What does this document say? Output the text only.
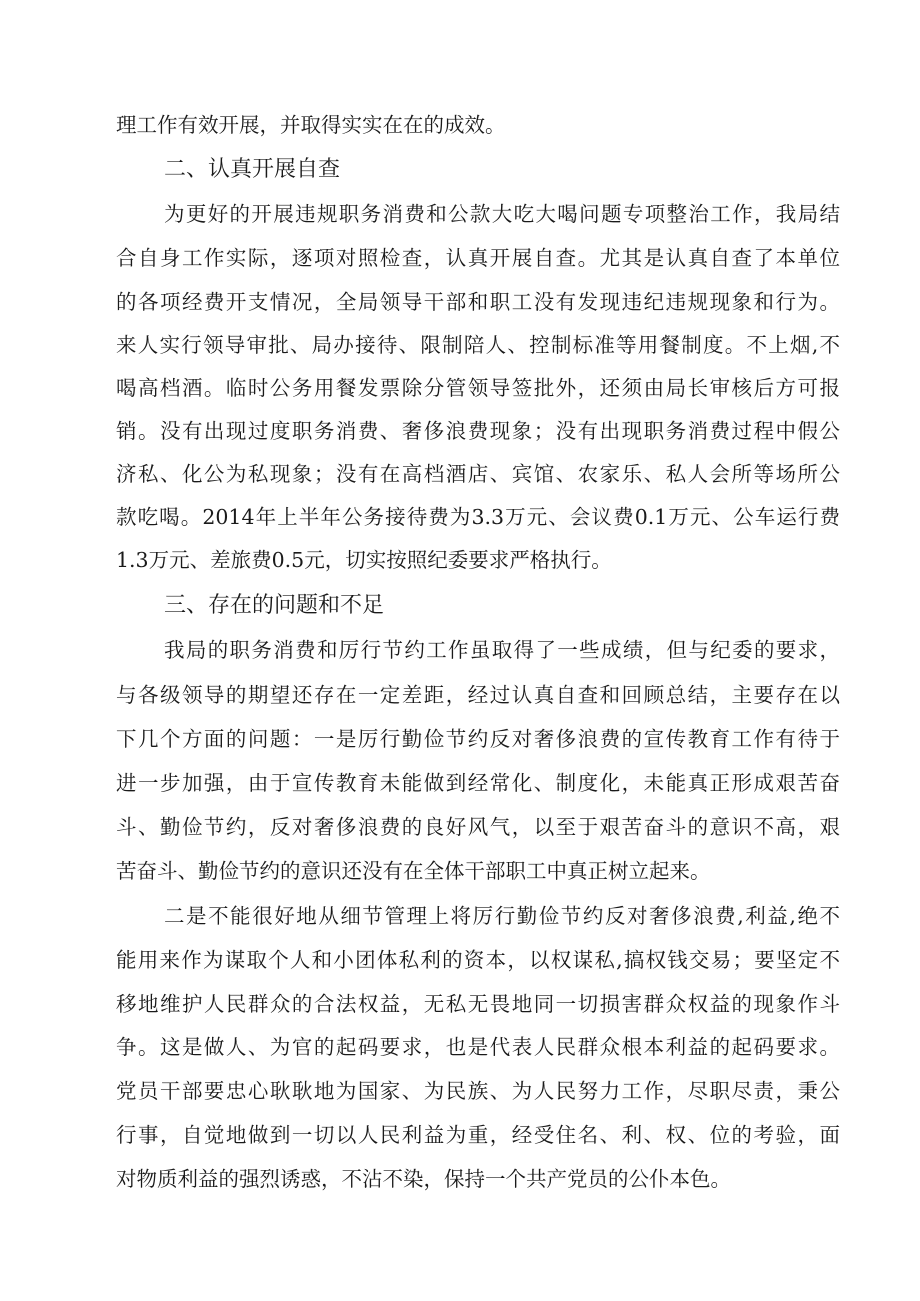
理工作有效开展，并取得实实在在的成效。
二、认真开展自查
为更好的开展违规职务消费和公款大吃大喝问题专项整治工作，我局结
合自身工作实际，逐项对照检查，认真开展自查。尤其是认真自查了本单位
的各项经费开支情况，全局领导干部和职工没有发现违纪违规现象和行为。
来人实行领导审批、局办接待、限制陪人、控制标准等用餐制度。不上烟,不
喝高档酒。临时公务用餐发票除分管领导签批外，还须由局长审核后方可报
销。没有出现过度职务消费、奢侈浪费现象；没有出现职务消费过程中假公
济私、化公为私现象；没有在高档酒店、宾馆、农家乐、私人会所等场所公
款吃喝。2014年上半年公务接待费为3.3万元、会议费0.1万元、公车运行费
1.3万元、差旅费0.5元，切实按照纪委要求严格执行。
三、存在的问题和不足
我局的职务消费和厉行节约工作虽取得了一些成绩，但与纪委的要求，
与各级领导的期望还存在一定差距，经过认真自查和回顾总结，主要存在以
下几个方面的问题：一是厉行勤俭节约反对奢侈浪费的宣传教育工作有待于
进一步加强，由于宣传教育未能做到经常化、制度化，未能真正形成艰苦奋
斗、勤俭节约，反对奢侈浪费的良好风气，以至于艰苦奋斗的意识不高，艰
苦奋斗、勤俭节约的意识还没有在全体干部职工中真正树立起来。
二是不能很好地从细节管理上将厉行勤俭节约反对奢侈浪费,利益,绝不
能用来作为谋取个人和小团体私利的资本，以权谋私,搞权钱交易；要坚定不
移地维护人民群众的合法权益，无私无畏地同一切损害群众权益的现象作斗
争。这是做人、为官的起码要求，也是代表人民群众根本利益的起码要求。
党员干部要忠心耿耿地为国家、为民族、为人民努力工作，尽职尽责，秉公
行事，自觉地做到一切以人民利益为重，经受住名、利、权、位的考验，面
对物质利益的强烈诱惑，不沾不染，保持一个共产党员的公仆本色。
